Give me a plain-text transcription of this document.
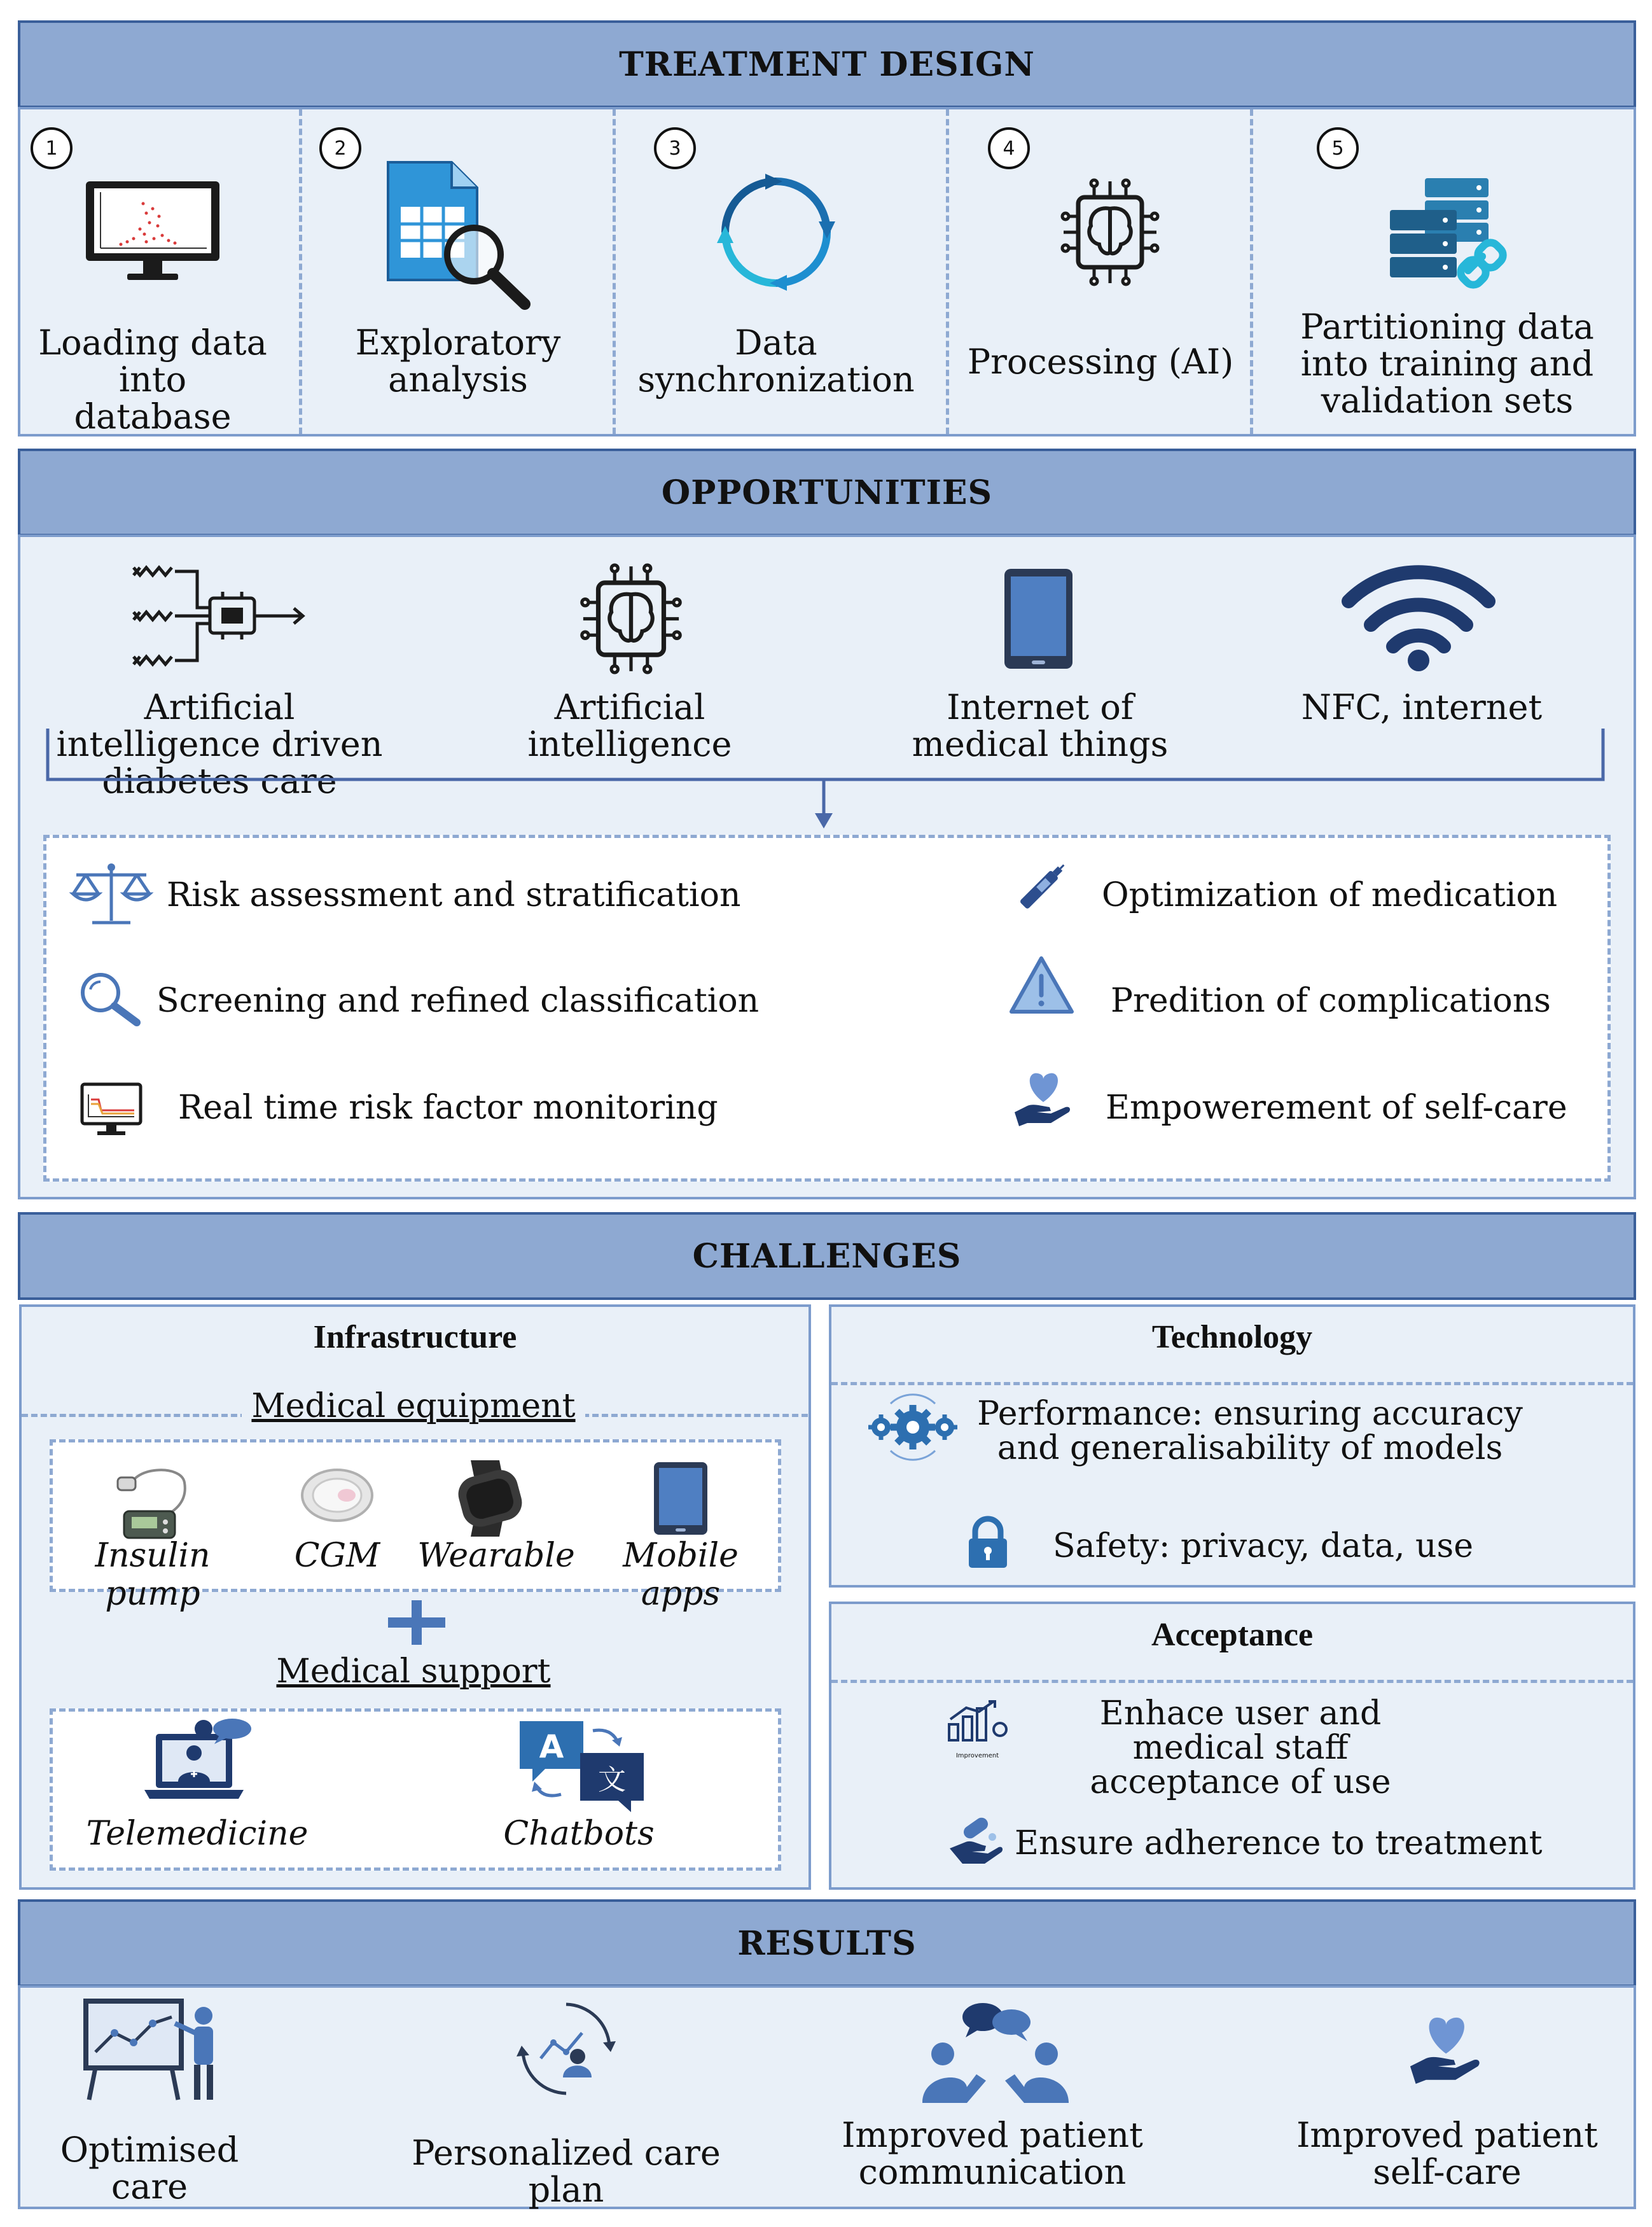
TREATMENT DESIGN
1
Loading data into database
2
Exploratory analysis
3
Data synchronization
4
Processing (AI)
5
Partitioning data into training and validation sets
OPPORTUNITIES
Artificial intelligence driven diabetes care
Artificial intelligence
Internet of medical things
NFC, internet
Risk assessment and stratification
Screening and refined classification
Real time risk factor monitoring
Optimization of medication
Predition of complications
Empowerement of self-care
CHALLENGES
Infrastructure
Medical equipment
Insulin pump
CGM	Wearable	Mobile apps
Medical support
Telemedicine
A
文
Chatbots
Technology
Performance: ensuring accuracy and generalisability of models
Safety: privacy, data, use
Acceptance
Improvement
Enhace user and medical staff acceptance of use
Ensure adherence to treatment
RESULTS
Optimised care
Personalized care plan
Improved patient communication
Improved patient self-care
